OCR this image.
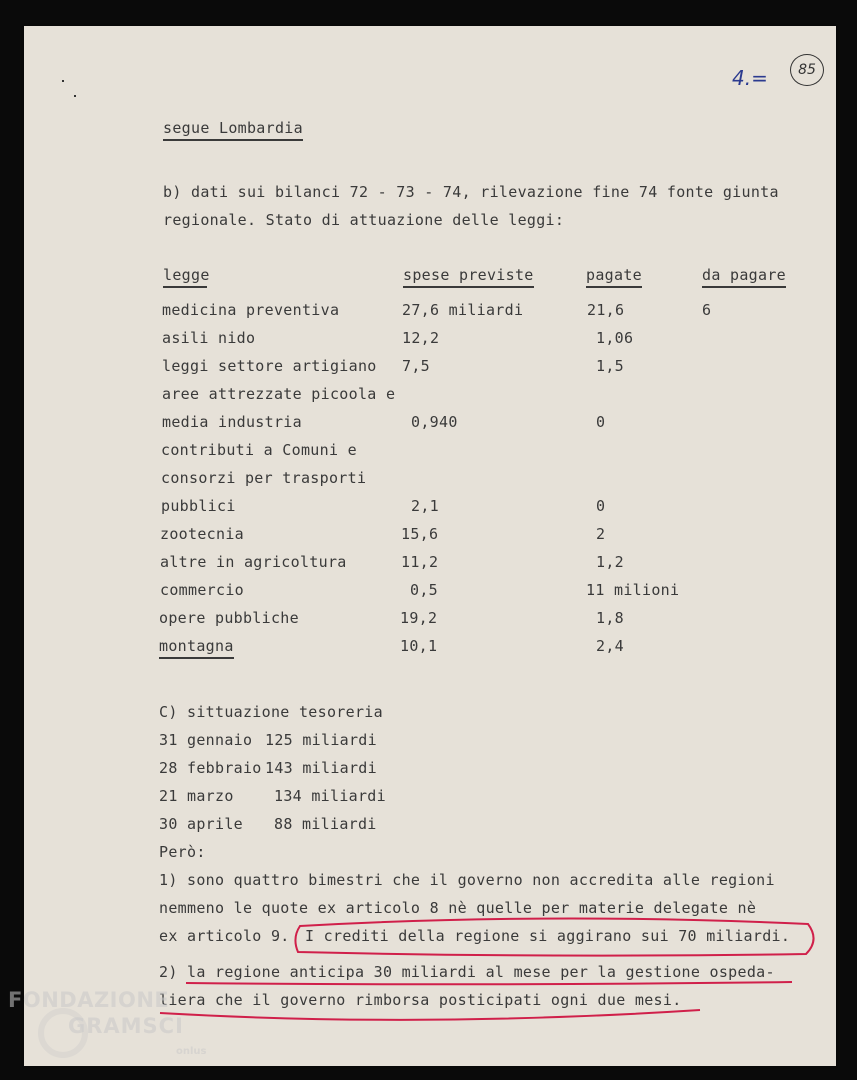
4.=	85
segue Lombardia
b) dati sui bilanci 72 - 73 - 74, rilevazione fine 74 fonte giunta
regionale. Stato di attuazione delle leggi:
legge	spese previste	pagate	da pagare
medicina preventiva	27,6 miliardi	21,6	6
asili nido	12,2	1,06
leggi settore artigiano 7,5	1,5
aree attrezzate picoola e
media industria	0,940	0
contributi a Comuni e
consorzi per trasporti
pubblici	2,1	0
zootecnia	15,6	2
altre in agricoltura	11,2	1,2
commercio	0,5	11 milioni
opere pubbliche	19,2	1,8
montagna	10,1	2,4
C) sittuazione tesoreria
31 gennaio 125 miliardi
28 febbraio 143 miliardi
21 marzo	134 miliardi
30 aprile 88 miliardi
Però:
1) sono quattro bimestri che il governo non accredita alle regioni
nemmeno le quote ex articolo 8 nè quelle per materie delegate nè
ex articolo 9. I crediti della regione si aggirano sui 70 miliardi.
2) la regione anticipa 30 miliardi al mese per la gestione ospeda-
liera che il governo rimborsa posticipati ogni due mesi.
FONDAZIONE
GRAMSCI
onlus
